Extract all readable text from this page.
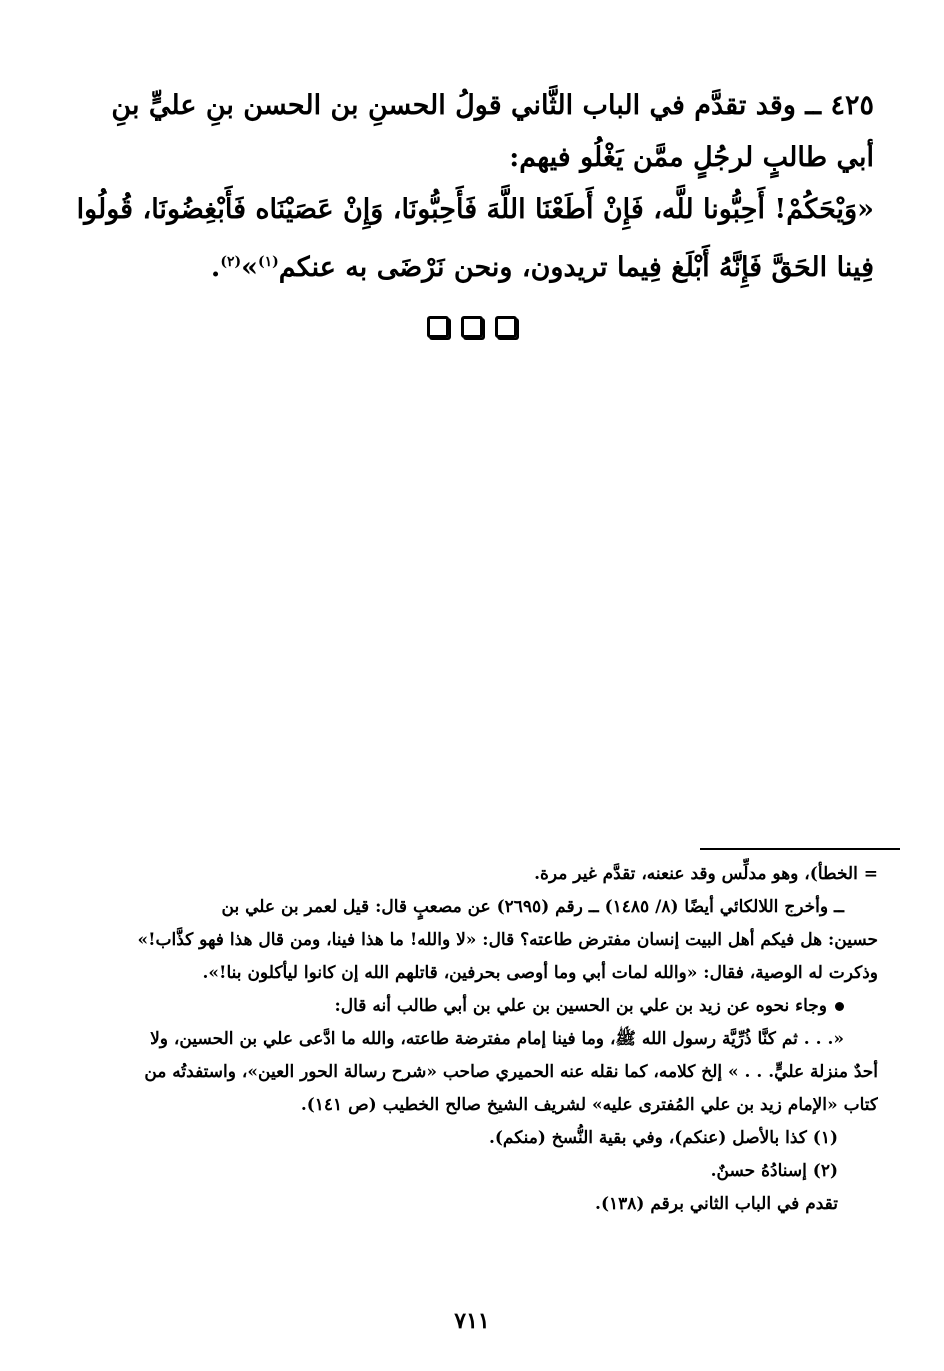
٤٢٥ ــ وقد تقدَّم في الباب الثَّاني قولُ الحسنِ بن الحسن بنِ عليٍّ بنِ
أبي طالبٍ لرجُلٍ ممَّن يَغْلُو فيهم:
«وَيْحَكُمْ! أَحِبُّونا للَّه، فَإِنْ أَطَعْنَا اللَّهَ فَأَحِبُّونَا، وَإِنْ عَصَيْنَاه فَأَبْغِضُونَا، قُولُوا
فِينا الحَقَّ فَإِنَّهُ أَبْلَغ فِيما تريدون، ونحن نَرْضَى به عنكم$^{(١)}$»$^{(٢)}$.
= الخطأ)، وهو مدلِّس وقد عنعنه، تقدَّم غير مرة.
ــ وأخرج اللالكائي أيضًا (٨/ ١٤٨٥) ــ رقم (٢٦٩٥) عن مصعبٍ قال: قيل لعمر بن علي بن
حسين: هل فيكم أهل البيت إنسان مفترض طاعته؟ قال: «لا والله! ما هذا فينا، ومن قال هذا فهو كذَّاب!»
وذكرت له الوصية، فقال: «والله لمات أبي وما أوصى بحرفين، قاتلهم الله إن كانوا ليأكلون بنا!».
وجاء نحوه عن زيد بن علي بن الحسين بن علي بن أبي طالب أنه قال:
«. . . ثم كنَّا ذُرِّيَّة رسول الله ﷺ، وما فينا إمام مفترضة طاعته، والله ما ادَّعى علي بن الحسين، ولا
أحدٌ منزلة عليٍّ. . . » إلخ كلامه، كما نقله عنه الحميري صاحب «شرح رسالة الحور العين»، واستفدتُه من
كتاب «الإمام زيد بن علي المُفترى عليه» لشريف الشيخ صالح الخطيب (ص ١٤١).
(١) كذا بالأصل (عنكم)، وفي بقية النُّسخ (منكم).
(٢) إسنادُهُ حسنٌ.
تقدم في الباب الثاني برقم (١٣٨).
٧١١
